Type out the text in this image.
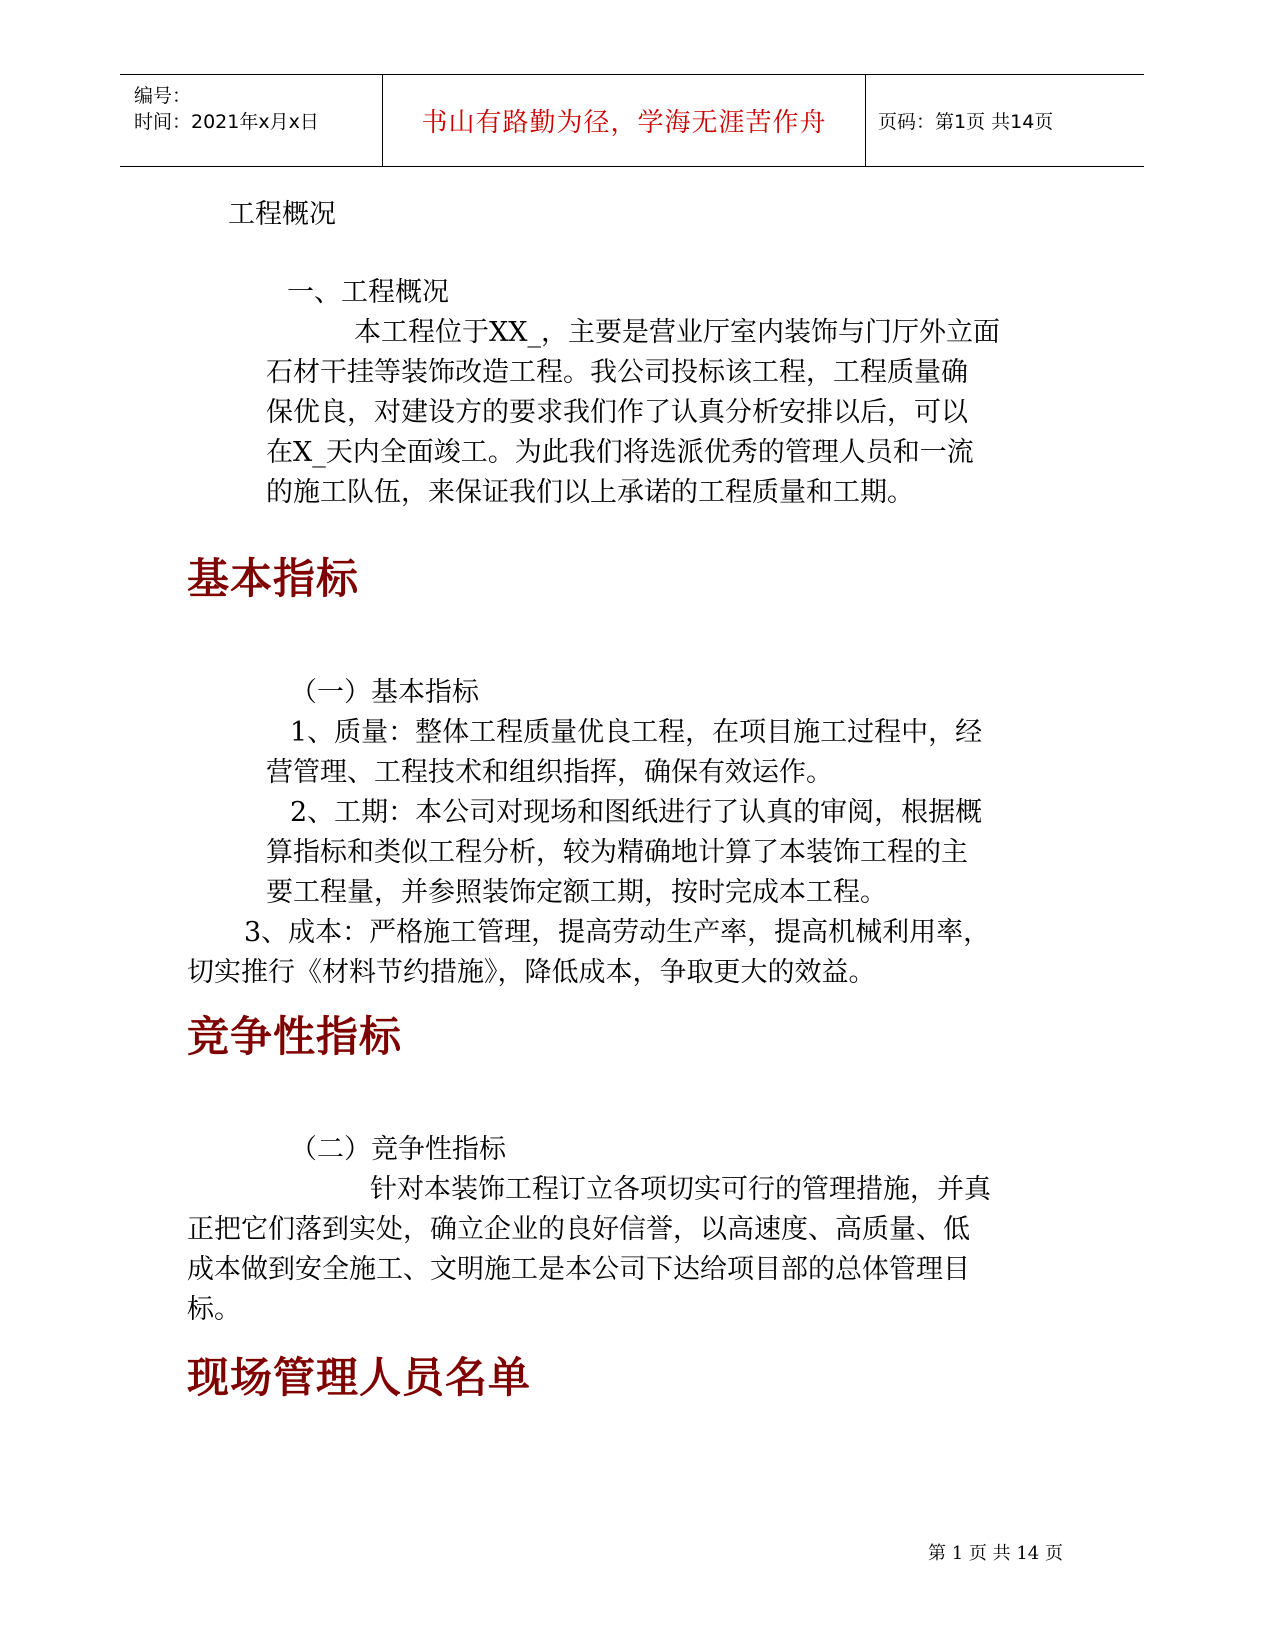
编号：
时间：2021年x月x日	书山有路勤为径，学海无涯苦作舟	页码：第1页 共14页
工程概况
一、工程概况
本工程位于XX_，主要是营业厅室内装饰与门厅外立面
石材干挂等装饰改造工程。我公司投标该工程，工程质量确
保优良，对建设方的要求我们作了认真分析安排以后，可以
在X_天内全面竣工。为此我们将选派优秀的管理人员和一流
的施工队伍，来保证我们以上承诺的工程质量和工期。
基本指标
（一）基本指标
1、质量：整体工程质量优良工程，在项目施工过程中，经
营管理、工程技术和组织指挥，确保有效运作。
2、工期：本公司对现场和图纸进行了认真的审阅，根据概
算指标和类似工程分析，较为精确地计算了本装饰工程的主
要工程量，并参照装饰定额工期，按时完成本工程。
3、成本：严格施工管理，提高劳动生产率，提高机械利用率，
切实推行《材料节约措施》，降低成本，争取更大的效益。
竞争性指标
（二）竞争性指标
针对本装饰工程订立各项切实可行的管理措施，并真
正把它们落到实处，确立企业的良好信誉，以高速度、高质量、低
成本做到安全施工、文明施工是本公司下达给项目部的总体管理目
标。
现场管理人员名单
第 1 页 共 14 页
